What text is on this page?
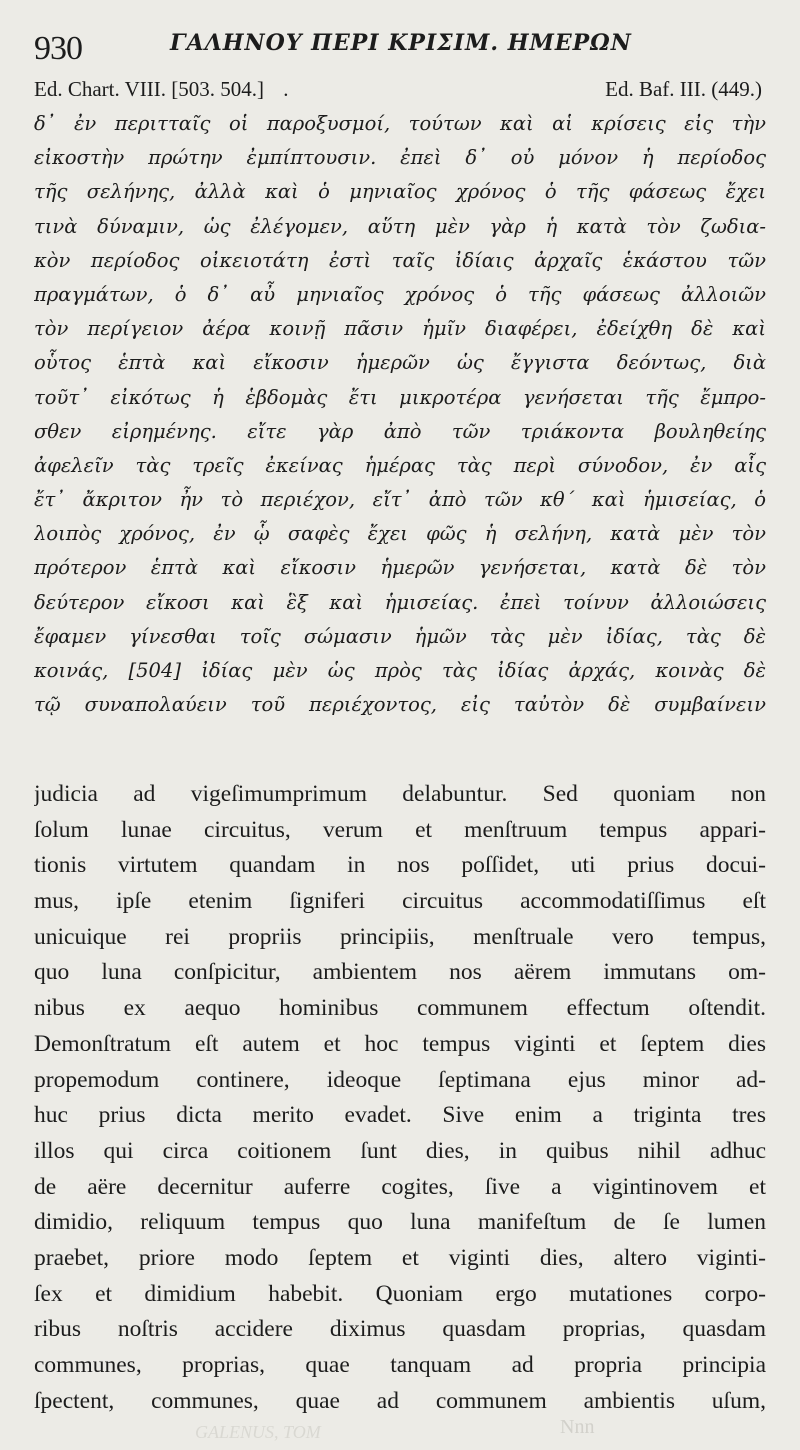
930	ΓΑΛΗΝΟΥ ΠΕΡΙ ΚΡΙΣΙΜ. ΗΜΕΡΩΝ
Ed. Chart. VIII. [503. 504.] .	Ed. Baf. III. (449.)
δ᾽ ἐν περιτταῖς οἱ παροξυσμοί, τούτων καὶ αἱ κρίσεις εἰς τὴν
εἰκοστὴν πρώτην ἐμπίπτουσιν. ἐπεὶ δ᾽ οὐ μόνον ἡ περίοδος
τῆς σελήνης, ἀλλὰ καὶ ὁ μηνιαῖος χρόνος ὁ τῆς φάσεως ἔχει
τινὰ δύναμιν, ὡς ἐλέγομεν, αὕτη μὲν γὰρ ἡ κατὰ τὸν ζωδια-
κὸν περίοδος οἰκειοτάτη ἐστὶ ταῖς ἰδίαις ἀρχαῖς ἑκάστου τῶν
πραγμάτων, ὁ δ᾽ αὖ μηνιαῖος χρόνος ὁ τῆς φάσεως ἀλλοιῶν
τὸν περίγειον ἀέρα κοινῇ πᾶσιν ἡμῖν διαφέρει, ἐδείχθη δὲ καὶ
οὗτος ἑπτὰ καὶ εἴκοσιν ἡμερῶν ὡς ἔγγιστα δεόντως, διὰ
τοῦτ᾽ εἰκότως ἡ ἑβδομὰς ἔτι μικροτέρα γενήσεται τῆς ἔμπρο-
σθεν εἰρημένης. εἴτε γὰρ ἀπὸ τῶν τριάκοντα βουληθείης
ἀφελεῖν τὰς τρεῖς ἐκείνας ἡμέρας τὰς περὶ σύνοδον, ἐν αἷς
ἔτ᾽ ἄκριτον ἦν τὸ περιέχον, εἴτ᾽ ἀπὸ τῶν κθ΄ καὶ ἡμισείας, ὁ
λοιπὸς χρόνος, ἐν ᾧ σαφὲς ἔχει φῶς ἡ σελήνη, κατὰ μὲν τὸν
πρότερον ἑπτὰ καὶ εἴκοσιν ἡμερῶν γενήσεται, κατὰ δὲ τὸν
δεύτερον εἴκοσι καὶ ἓξ καὶ ἡμισείας. ἐπεὶ τοίνυν ἀλλοιώσεις
ἔφαμεν γίνεσθαι τοῖς σώμασιν ἡμῶν τὰς μὲν ἰδίας, τὰς δὲ
κοινάς, [504] ἰδίας μὲν ὡς πρὸς τὰς ἰδίας ἀρχάς, κοινὰς δὲ
τῷ συναπολαύειν τοῦ περιέχοντος, εἰς ταὐτὸν δὲ συμβαίνειν
judicia ad vigeſimumprimum delabuntur. Sed quoniam non
ſolum lunae circuitus, verum et menſtruum tempus appari-
tionis virtutem quandam in nos poſſidet, uti prius docui-
mus, ipſe etenim ſigniferi circuitus accommodatiſſimus eſt
unicuique rei propriis principiis, menſtruale vero tempus,
quo luna conſpicitur, ambientem nos aërem immutans om-
nibus ex aequo hominibus communem effectum oſtendit.
Demonſtratum eſt autem et hoc tempus viginti et ſeptem dies
propemodum continere, ideoque ſeptimana ejus minor ad-
huc prius dicta merito evadet. Sive enim a triginta tres
illos qui circa coitionem ſunt dies, in quibus nihil adhuc
de aëre decernitur auferre cogites, ſive a vigintinovem et
dimidio, reliquum tempus quo luna manifeſtum de ſe lumen
praebet, priore modo ſeptem et viginti dies, altero viginti-
ſex et dimidium habebit. Quoniam ergo mutationes corpo-
ribus noſtris accidere diximus quasdam proprias, quasdam
communes, proprias, quae tanquam ad propria principia
ſpectent, communes, quae ad communem ambientis uſum,
GALENUS, TOM	Nnn
